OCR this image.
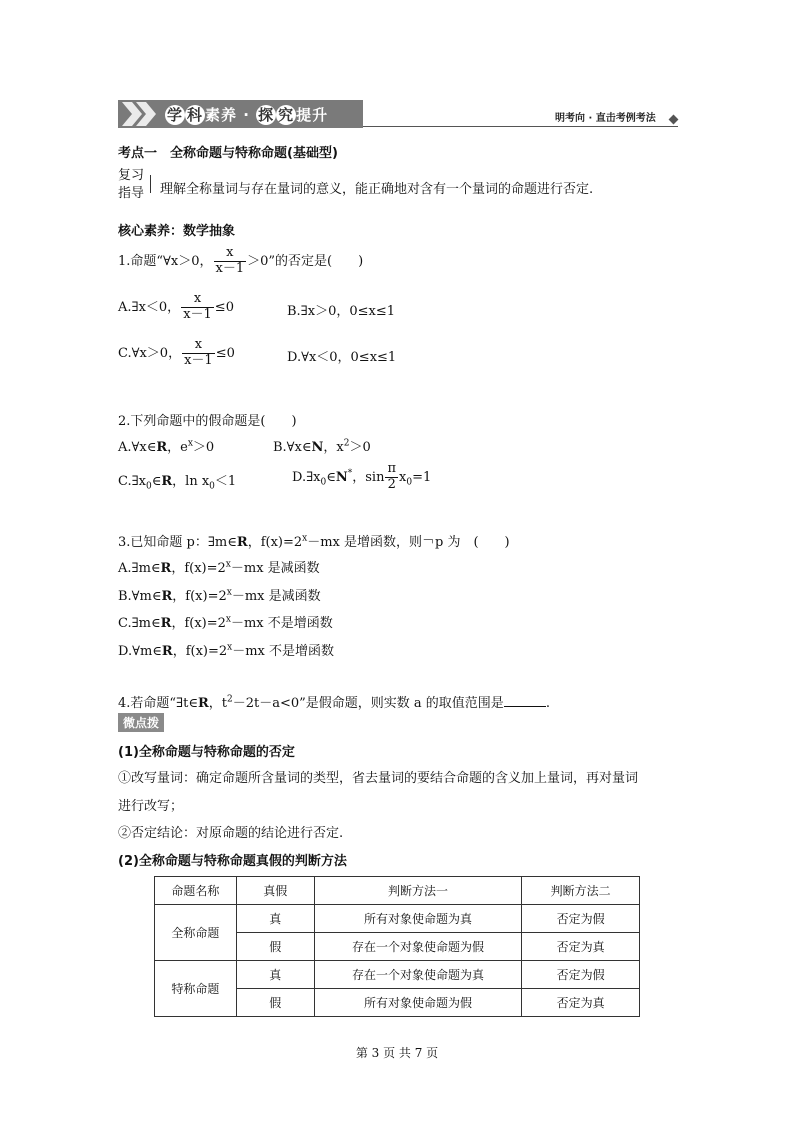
学 科 素养 · 探 究 提升	明考向 · 直击考例考法
考点一　全称命题与特称命题(基础型)
复习
指导 理解全称量词与存在量词的意义，能正确地对含有一个量词的命题进行否定.
核心素养：数学抽象
1.命题“∀x＞0， $\frac{x}{x-1} >0$”的否定是(　　)
A.∃x＜0， $\frac{x}{x-1} \le 0$	B.∃x＞0，0≤x≤1
C.∀x＞0， $\frac{x}{x-1} \le 0$	D.∀x＜0，0≤x≤1
2.下列命题中的假命题是(　　)
A.∀x∈R，$e^x>0$	B.∀x∈N，$x^2>0$
$C.\exists x_0\in R$，$\ln x_0<1$	$D.\exists x_0\in N^*$，$\sin \frac{\pi}{2} x_0=1$
3.已知命题 p：∃m∈R，$f(x)=2^x-mx$ 是增函数，则￢p 为　(　　)
A.∃m∈R，$f(x)=2^x-mx$ 是减函数
B.∀m∈R，$f(x)=2^x-mx$ 是减函数
C.∃m∈R，$f(x)=2^x-mx$ 不是增函数
D.∀m∈R，$f(x)=2^x-mx$ 不是增函数
4.若命题“∃t∈R，$t^2-2t-a<0$”是假命题，则实数 a 的取值范围是	.
微点拨
(1)全称命题与特称命题的否定
①改写量词：确定命题所含量词的类型，省去量词的要结合命题的含义加上量词，再对量词
进行改写；
②否定结论：对原命题的结论进行否定.
(2)全称命题与特称命题真假的判断方法
命题名称	真假	判断方法一	判断方法二
全称命题	真	所有对象使命题为真	否定为假
	假	存在一个对象使命题为假	否定为真
特称命题	真	存在一个对象使命题为真	否定为假
	假	所有对象使命题为假	否定为真
第 3 页 共 7 页
